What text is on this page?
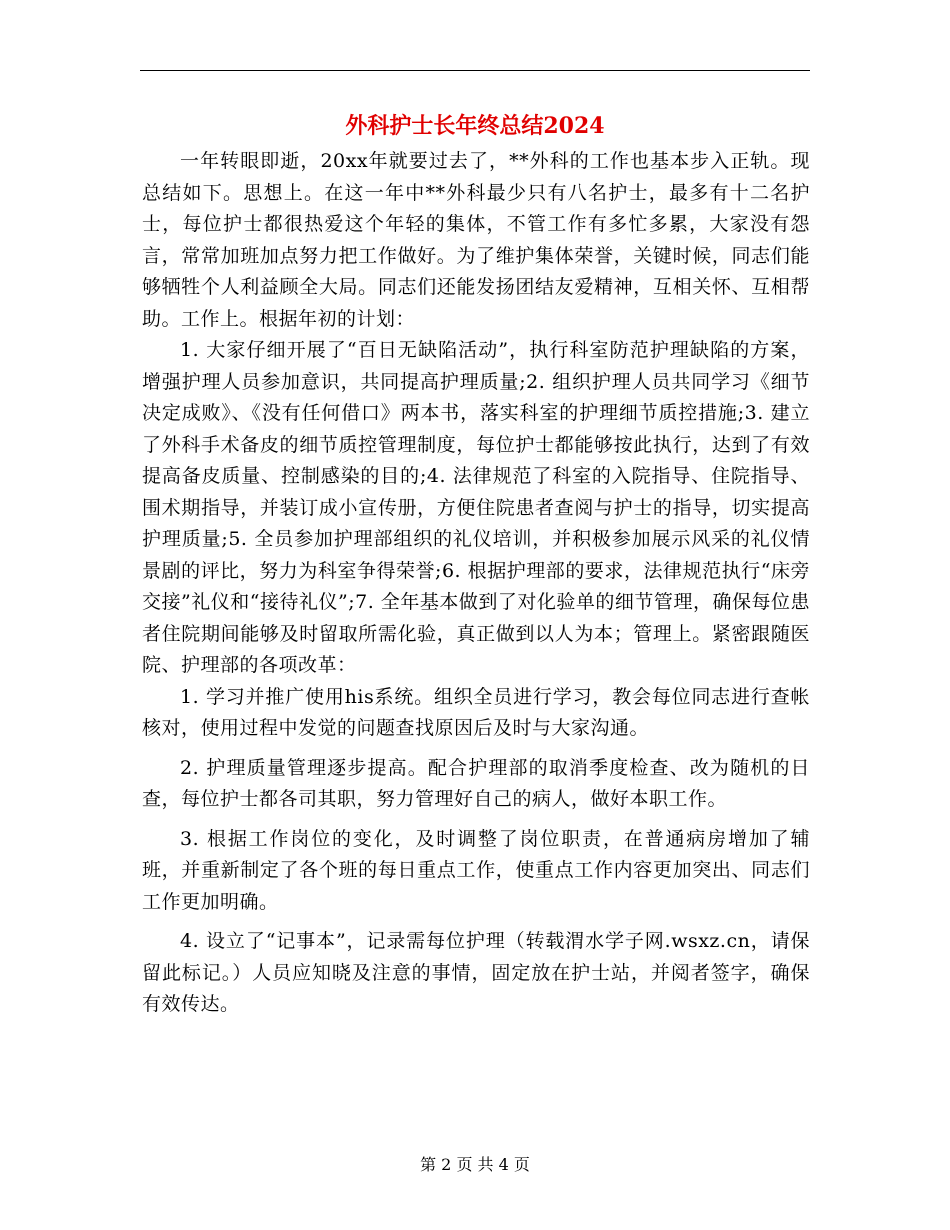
外科护士长年终总结2024

一年转眼即逝，20xx年就要过去了，**外科的工作也基本步入正轨。现总结如下。思想上。在这一年中**外科最少只有八名护士，最多有十二名护士，每位护士都很热爱这个年轻的集体，不管工作有多忙多累，大家没有怨言，常常加班加点努力把工作做好。为了维护集体荣誉，关键时候，同志们能够牺牲个人利益顾全大局。同志们还能发扬团结友爱精神，互相关怀、互相帮助。工作上。根据年初的计划：

1. 大家仔细开展了“百日无缺陷活动”，执行科室防范护理缺陷的方案，增强护理人员参加意识，共同提高护理质量;2. 组织护理人员共同学习《细节决定成败》、《没有任何借口》两本书，落实科室的护理细节质控措施;3. 建立了外科手术备皮的细节质控管理制度，每位护士都能够按此执行，达到了有效提高备皮质量、控制感染的目的;4. 法律规范了科室的入院指导、住院指导、围术期指导，并装订成小宣传册，方便住院患者查阅与护士的指导，切实提高护理质量;5. 全员参加护理部组织的礼仪培训，并积极参加展示风采的礼仪情景剧的评比，努力为科室争得荣誉;6. 根据护理部的要求，法律规范执行“床旁交接”礼仪和“接待礼仪”;7. 全年基本做到了对化验单的细节管理，确保每位患者住院期间能够及时留取所需化验，真正做到以人为本；管理上。紧密跟随医院、护理部的各项改革：

1. 学习并推广使用his系统。组织全员进行学习，教会每位同志进行查帐核对，使用过程中发觉的问题查找原因后及时与大家沟通。

2. 护理质量管理逐步提高。配合护理部的取消季度检查、改为随机的日查，每位护士都各司其职，努力管理好自己的病人，做好本职工作。

3. 根据工作岗位的变化，及时调整了岗位职责，在普通病房增加了辅班，并重新制定了各个班的每日重点工作，使重点工作内容更加突出、同志们工作更加明确。

4. 设立了“记事本”，记录需每位护理（转载渭水学子网.wsxz.cn，请保留此标记。）人员应知晓及注意的事情，固定放在护士站，并阅者签字，确保有效传达。

第 2 页 共 4 页
